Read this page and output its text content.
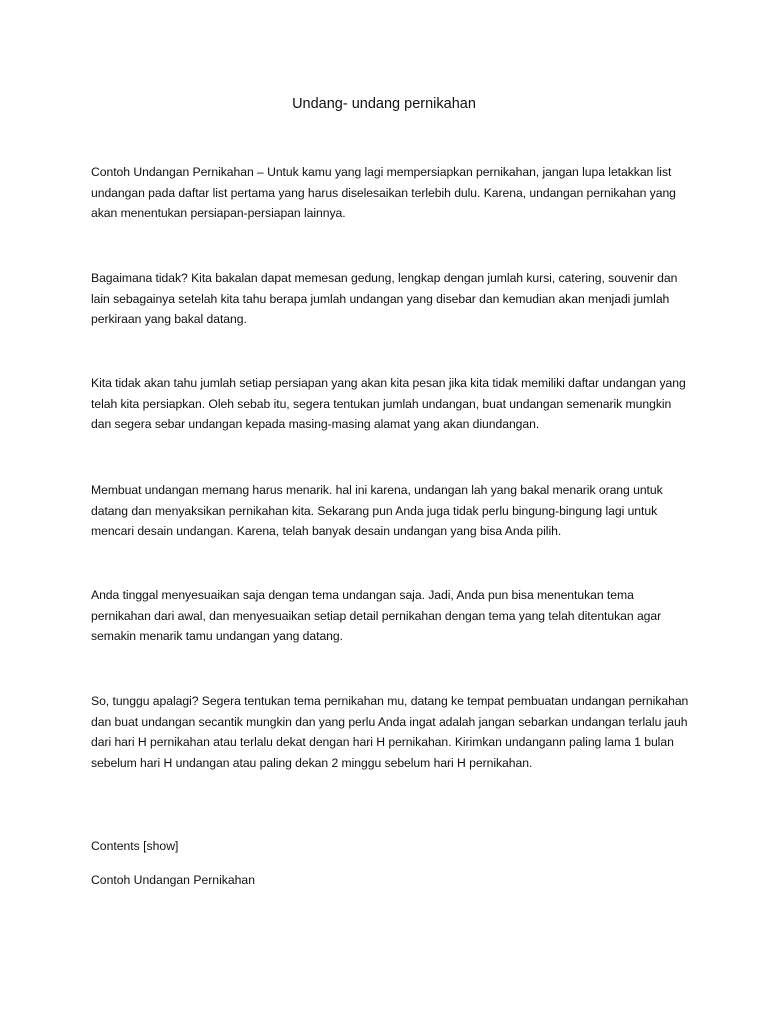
Undang- undang pernikahan

Contoh Undangan Pernikahan – Untuk kamu yang lagi mempersiapkan pernikahan, jangan lupa letakkan list undangan pada daftar list pertama yang harus diselesaikan terlebih dulu. Karena, undangan pernikahan yang akan menentukan persiapan-persiapan lainnya.

Bagaimana tidak? Kita bakalan dapat memesan gedung, lengkap dengan jumlah kursi, catering, souvenir dan lain sebagainya setelah kita tahu berapa jumlah undangan yang disebar dan kemudian akan menjadi jumlah perkiraan yang bakal datang.

Kita tidak akan tahu jumlah setiap persiapan yang akan kita pesan jika kita tidak memiliki daftar undangan yang telah kita persiapkan. Oleh sebab itu, segera tentukan jumlah undangan, buat undangan semenarik mungkin dan segera sebar undangan kepada masing-masing alamat yang akan diundangan.

Membuat undangan memang harus menarik. hal ini karena, undangan lah yang bakal menarik orang untuk datang dan menyaksikan pernikahan kita. Sekarang pun Anda juga tidak perlu bingung-bingung lagi untuk mencari desain undangan. Karena, telah banyak desain undangan yang bisa Anda pilih.

Anda tinggal menyesuaikan saja dengan tema undangan saja. Jadi, Anda pun bisa menentukan tema pernikahan dari awal, dan menyesuaikan setiap detail pernikahan dengan tema yang telah ditentukan agar semakin menarik tamu undangan yang datang.

So, tunggu apalagi? Segera tentukan tema pernikahan mu, datang ke tempat pembuatan undangan pernikahan dan buat undangan secantik mungkin dan yang perlu Anda ingat adalah jangan sebarkan undangan terlalu jauh dari hari H pernikahan atau terlalu dekat dengan hari H pernikahan. Kirimkan undangann paling lama 1 bulan sebelum hari H undangan atau paling dekan 2 minggu sebelum hari H pernikahan.

Contents [show]
Contoh Undangan Pernikahan
